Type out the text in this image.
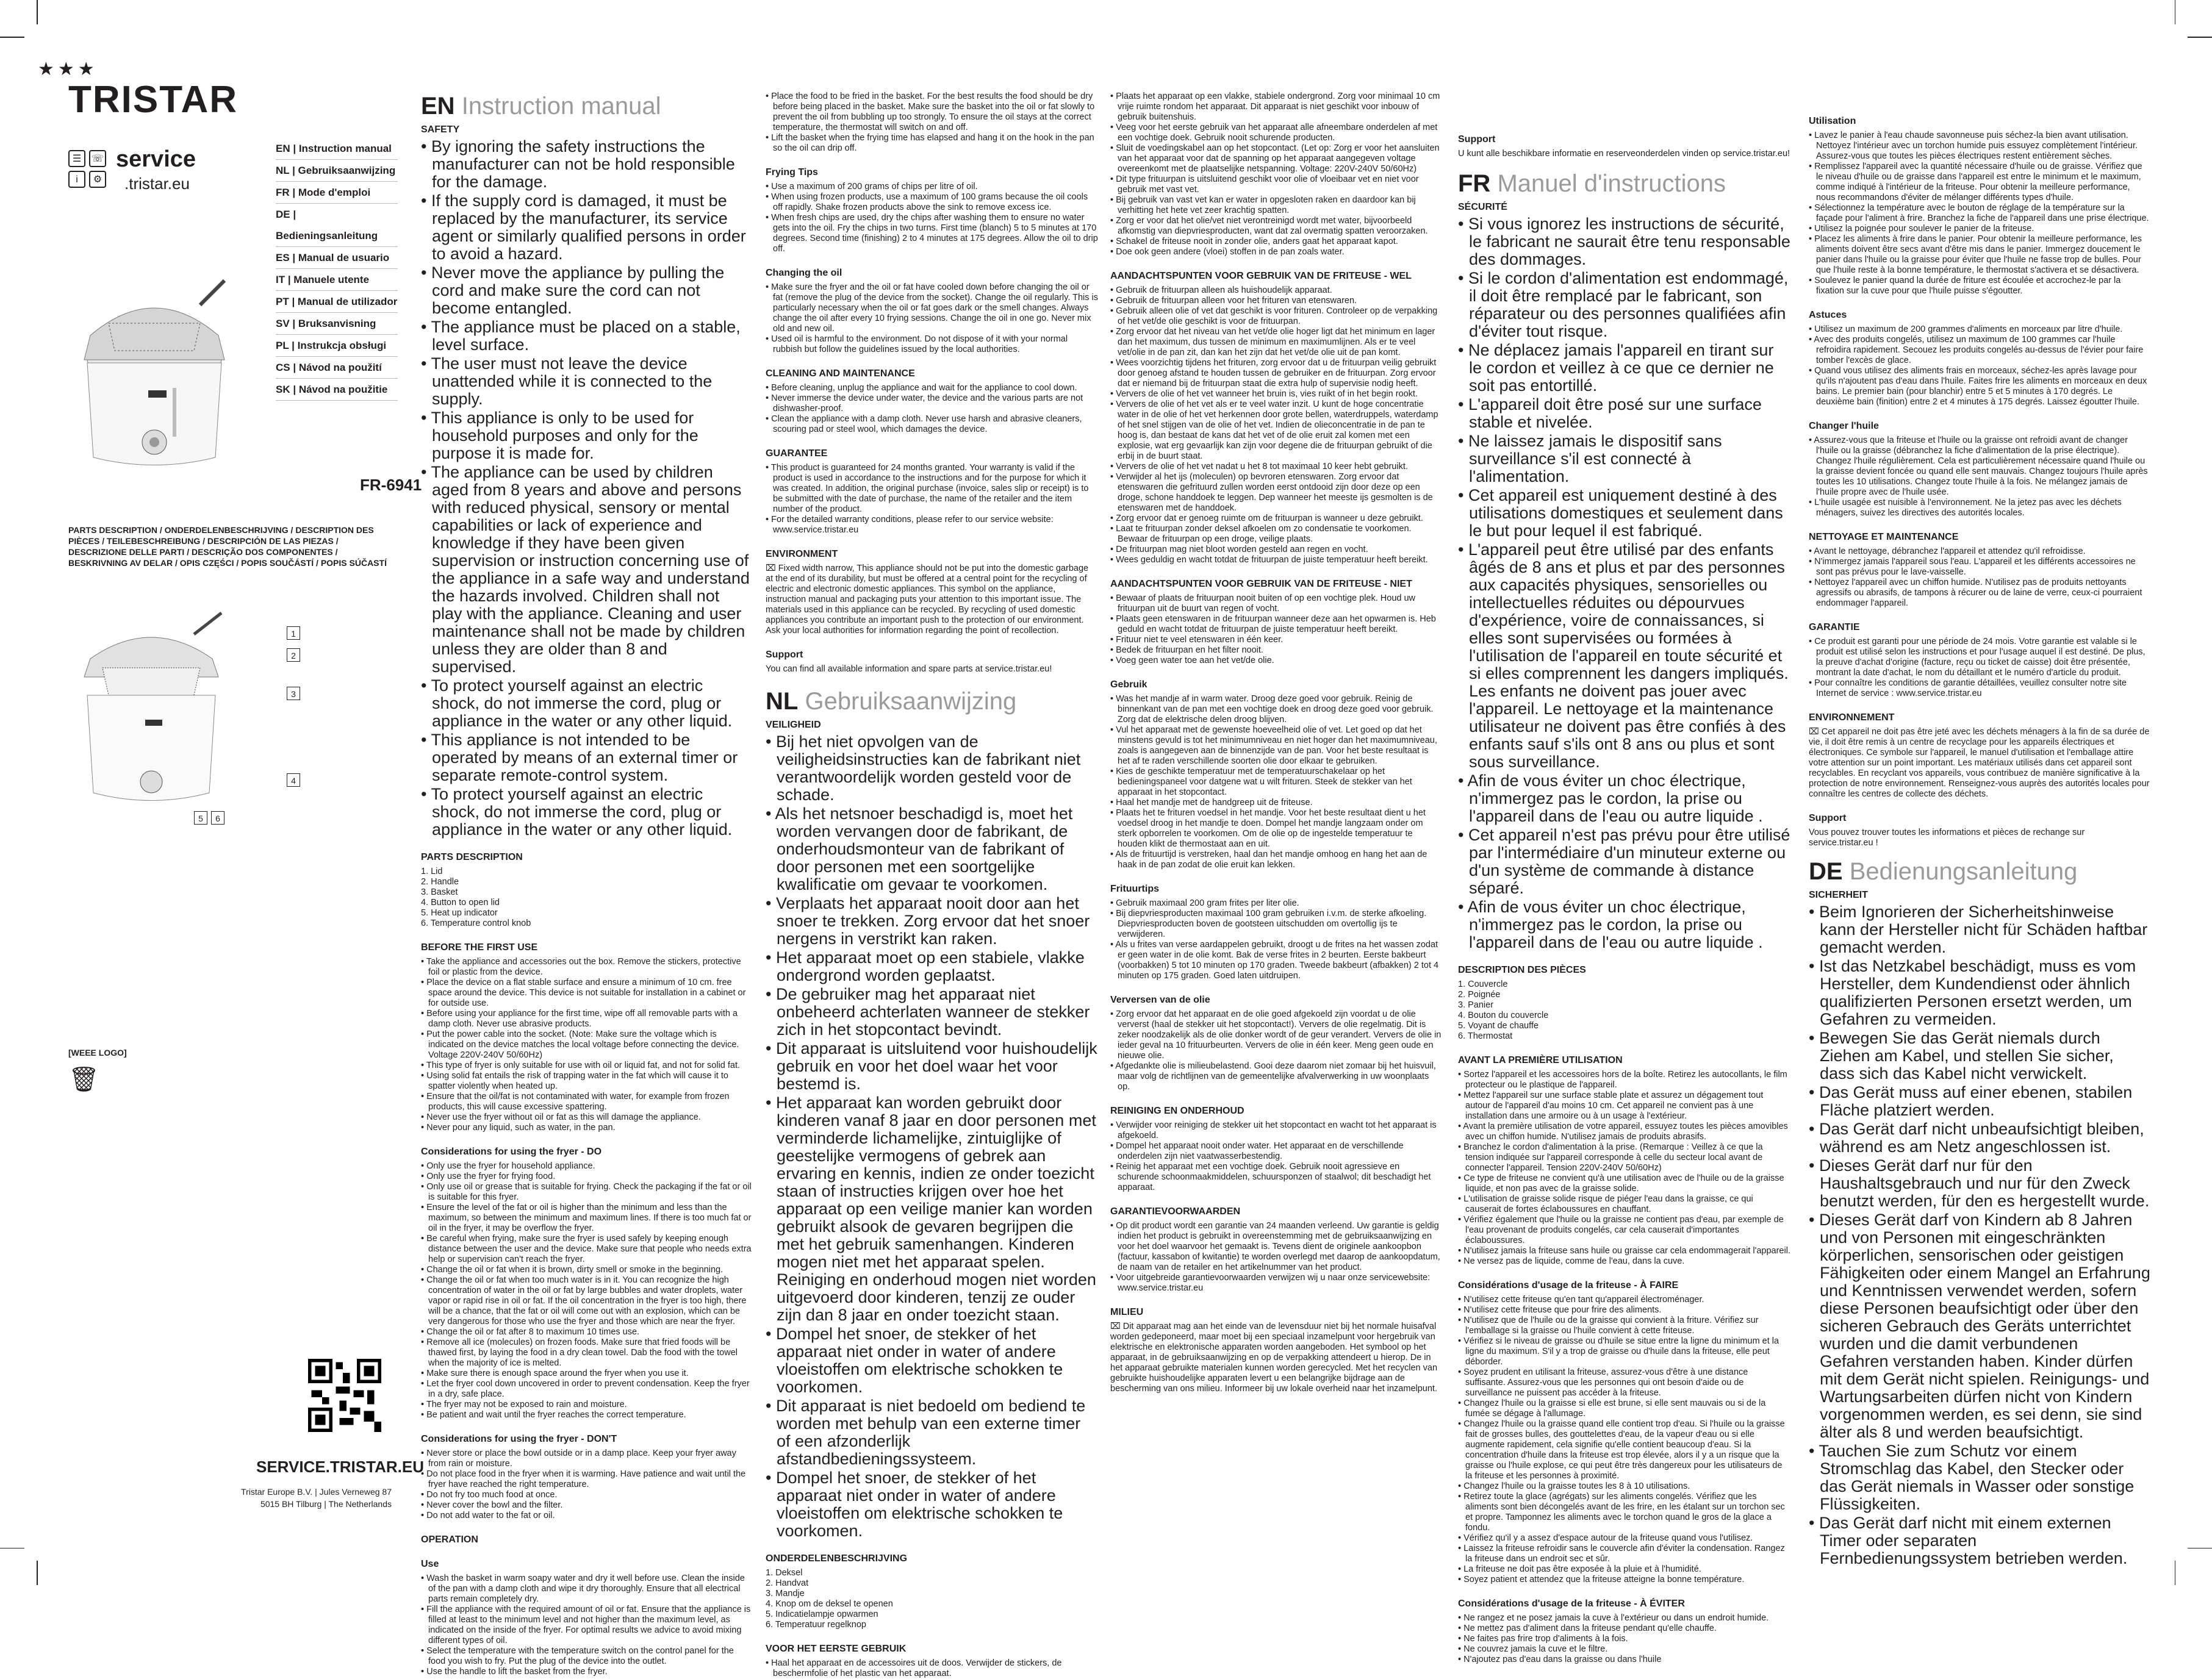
★★★
TRISTAR
☰	☏
i	⚙
service
.tristar.eu
EN | Instruction manual
NL | Gebruiksaanwijzing
FR | Mode d'emploi
DE | Bedieningsanleitung
ES | Manual de usuario
IT | Manuele utente
PT | Manual de utilizador
SV | Bruksanvisning
PL | Instrukcja obsługi
CS | Návod na použití
SK | Návod na použitie
FR-6941
PARTS DESCRIPTION / ONDERDELENBESCHRIJVING / DESCRIPTION DES PIÈCES / TEILEBESCHREIBUNG / DESCRIPCIÓN DE LAS PIEZAS / DESCRIZIONE DELLE PARTI / DESCRIÇÃO DOS COMPONENTES / BESKRIVNING AV DELAR / OPIS CZĘŚCI / POPIS SOUČÁSTÍ / POPIS SÚČASTÍ
1
2
3
4
5	6
[WEEE LOGO]
🗑
SERVICE.TRISTAR.EU
Tristar Europe B.V. | Jules Verneweg 87 5015 BH Tilburg | The Netherlands
EN Instruction manual
SAFETY
• By ignoring the safety instructions the manufacturer can not be hold responsible for the damage.
• If the supply cord is damaged, it must be replaced by the manufacturer, its service agent or similarly qualified persons in order to avoid a hazard.
• Never move the appliance by pulling the cord and make sure the cord can not become entangled.
• The appliance must be placed on a stable, level surface.
• The user must not leave the device unattended while it is connected to the supply.
• This appliance is only to be used for household purposes and only for the purpose it is made for.
• The appliance can be used by children aged from 8 years and above and persons with reduced physical, sensory or mental capabilities or lack of experience and knowledge if they have been given supervision or instruction concerning use of the appliance in a safe way and understand the hazards involved. Children shall not play with the appliance. Cleaning and user maintenance shall not be made by children unless they are older than 8 and supervised.
• To protect yourself against an electric shock, do not immerse the cord, plug or appliance in the water or any other liquid.
• This appliance is not intended to be operated by means of an external timer or separate remote-control system.
• To protect yourself against an electric shock, do not immerse the cord, plug or appliance in the water or any other liquid.
PARTS DESCRIPTION
1. Lid
2. Handle
3. Basket
4. Button to open lid
5. Heat up indicator
6. Temperature control knob
BEFORE THE FIRST USE
• Take the appliance and accessories out the box. Remove the stickers, protective foil or plastic from the device.
• Place the device on a flat stable surface and ensure a minimum of 10 cm. free space around the device. This device is not suitable for installation in a cabinet or for outside use.
• Before using your appliance for the first time, wipe off all removable parts with a damp cloth. Never use abrasive products.
• Put the power cable into the socket. (Note: Make sure the voltage which is indicated on the device matches the local voltage before connecting the device. Voltage 220V-240V 50/60Hz)
• This type of fryer is only suitable for use with oil or liquid fat, and not for solid fat.
• Using solid fat entails the risk of trapping water in the fat which will cause it to spatter violently when heated up.
• Ensure that the oil/fat is not contaminated with water, for example from frozen products, this will cause excessive spattering.
• Never use the fryer without oil or fat as this will damage the appliance.
• Never pour any liquid, such as water, in the pan.
Considerations for using the fryer - DO
• Only use the fryer for household appliance.
• Only use the fryer for frying food.
• Only use oil or grease that is suitable for frying. Check the packaging if the fat or oil is suitable for this fryer.
• Ensure the level of the fat or oil is higher than the minimum and less than the maximum, so between the minimum and maximum lines. If there is too much fat or oil in the fryer, it may be overflow the fryer.
• Be careful when frying, make sure the fryer is used safely by keeping enough distance between the user and the device. Make sure that people who needs extra help or supervision can't reach the fryer.
• Change the oil or fat when it is brown, dirty smell or smoke in the beginning.
• Change the oil or fat when too much water is in it. You can recognize the high concentration of water in the oil or fat by large bubbles and water droplets, water vapor or rapid rise in oil or fat. If the oil concentration in the fryer is too high, there will be a chance, that the fat or oil will come out with an explosion, which can be very dangerous for those who use the fryer and those which are near the fryer.
• Change the oil or fat after 8 to maximum 10 times use.
• Remove all ice (molecules) on frozen foods. Make sure that fried foods will be thawed first, by laying the food in a dry clean towel. Dab the food with the towel when the majority of ice is melted.
• Make sure there is enough space around the fryer when you use it.
• Let the fryer cool down uncovered in order to prevent condensation. Keep the fryer in a dry, safe place.
• The fryer may not be exposed to rain and moisture.
• Be patient and wait until the fryer reaches the correct temperature.
Considerations for using the fryer - DON'T
• Never store or place the bowl outside or in a damp place. Keep your fryer away from rain or moisture.
• Do not place food in the fryer when it is warming. Have patience and wait until the fryer have reached the right temperature.
• Do not fry too much food at once.
• Never cover the bowl and the filter.
• Do not add water to the fat or oil.
OPERATION
Use
• Wash the basket in warm soapy water and dry it well before use. Clean the inside of the pan with a damp cloth and wipe it dry thoroughly. Ensure that all electrical parts remain completely dry.
• Fill the appliance with the required amount of oil or fat. Ensure that the appliance is filled at least to the minimum level and not higher than the maximum level, as indicated on the inside of the fryer. For optimal results we advice to avoid mixing different types of oil.
• Select the temperature with the temperature switch on the control panel for the food you wish to fry. Put the plug of the device into the outlet.
• Use the handle to lift the basket from the fryer.
• Place the food to be fried in the basket. For the best results the food should be dry before being placed in the basket. Make sure the basket into the oil or fat slowly to prevent the oil from bubbling up too strongly. To ensure the oil stays at the correct temperature, the thermostat will switch on and off.
• Lift the basket when the frying time has elapsed and hang it on the hook in the pan so the oil can drip off.
Frying Tips
• Use a maximum of 200 grams of chips per litre of oil.
• When using frozen products, use a maximum of 100 grams because the oil cools off rapidly. Shake frozen products above the sink to remove excess ice.
• When fresh chips are used, dry the chips after washing them to ensure no water gets into the oil. Fry the chips in two turns. First time (blanch) 5 to 5 minutes at 170 degrees. Second time (finishing) 2 to 4 minutes at 175 degrees. Allow the oil to drip off.
Changing the oil
• Make sure the fryer and the oil or fat have cooled down before changing the oil or fat (remove the plug of the device from the socket). Change the oil regularly. This is particularly necessary when the oil or fat goes dark or the smell changes. Always change the oil after every 10 frying sessions. Change the oil in one go. Never mix old and new oil.
• Used oil is harmful to the environment. Do not dispose of it with your normal rubbish but follow the guidelines issued by the local authorities.
CLEANING AND MAINTENANCE
• Before cleaning, unplug the appliance and wait for the appliance to cool down.
• Never immerse the device under water, the device and the various parts are not dishwasher-proof.
• Clean the appliance with a damp cloth. Never use harsh and abrasive cleaners, scouring pad or steel wool, which damages the device.
GUARANTEE
• This product is guaranteed for 24 months granted. Your warranty is valid if the product is used in accordance to the instructions and for the purpose for which it was created. In addition, the original purchase (invoice, sales slip or receipt) is to be submitted with the date of purchase, the name of the retailer and the item number of the product.
• For the detailed warranty conditions, please refer to our service website: www.service.tristar.eu
ENVIRONMENT

⌧ Fixed width narrow, This appliance should not be put into the domestic garbage at the end of its durability, but must be offered at a central point for the recycling of electric and electronic domestic appliances. This symbol on the appliance, instruction manual and packaging puts your attention to this important issue. The materials used in this appliance can be recycled. By recycling of used domestic appliances you contribute an important push to the protection of our environment. Ask your local authorities for information regarding the point of recollection.

Support

You can find all available information and spare parts at service.tristar.eu!

NL Gebruiksaanwijzing
VEILIGHEID
• Bij het niet opvolgen van de veiligheidsinstructies kan de fabrikant niet verantwoordelijk worden gesteld voor de schade.
• Als het netsnoer beschadigd is, moet het worden vervangen door de fabrikant, de onderhoudsmonteur van de fabrikant of door personen met een soortgelijke kwalificatie om gevaar te voorkomen.
• Verplaats het apparaat nooit door aan het snoer te trekken. Zorg ervoor dat het snoer nergens in verstrikt kan raken.
• Het apparaat moet op een stabiele, vlakke ondergrond worden geplaatst.
• De gebruiker mag het apparaat niet onbeheerd achterlaten wanneer de stekker zich in het stopcontact bevindt.
• Dit apparaat is uitsluitend voor huishoudelijk gebruik en voor het doel waar het voor bestemd is.
• Het apparaat kan worden gebruikt door kinderen vanaf 8 jaar en door personen met verminderde lichamelijke, zintuiglijke of geestelijke vermogens of gebrek aan ervaring en kennis, indien ze onder toezicht staan of instructies krijgen over hoe het apparaat op een veilige manier kan worden gebruikt alsook de gevaren begrijpen die met het gebruik samenhangen. Kinderen mogen niet met het apparaat spelen. Reiniging en onderhoud mogen niet worden uitgevoerd door kinderen, tenzij ze ouder zijn dan 8 jaar en onder toezicht staan.
• Dompel het snoer, de stekker of het apparaat niet onder in water of andere vloeistoffen om elektrische schokken te voorkomen.
• Dit apparaat is niet bedoeld om bediend te worden met behulp van een externe timer of een afzonderlijk afstandbedieningssysteem.
• Dompel het snoer, de stekker of het apparaat niet onder in water of andere vloeistoffen om elektrische schokken te voorkomen.
ONDERDELENBESCHRIJVING
1. Deksel
2. Handvat
3. Mandje
4. Knop om de deksel te openen
5. Indicatielampje opwarmen
6. Temperatuur regelknop
VOOR HET EERSTE GEBRUIK
• Haal het apparaat en de accessoires uit de doos. Verwijder de stickers, de beschermfolie of het plastic van het apparaat.
• Plaats het apparaat op een vlakke, stabiele ondergrond. Zorg voor minimaal 10 cm vrije ruimte rondom het apparaat. Dit apparaat is niet geschikt voor inbouw of gebruik buitenshuis.
• Veeg voor het eerste gebruik van het apparaat alle afneembare onderdelen af met een vochtige doek. Gebruik nooit schurende producten.
• Sluit de voedingskabel aan op het stopcontact. (Let op: Zorg er voor het aansluiten van het apparaat voor dat de spanning op het apparaat aangegeven voltage overeenkomt met de plaatselijke netspanning. Voltage: 220V-240V 50/60Hz)
• Dit type frituurpan is uitsluitend geschikt voor olie of vloeibaar vet en niet voor gebruik met vast vet.
• Bij gebruik van vast vet kan er water in opgesloten raken en daardoor kan bij verhitting het hete vet zeer krachtig spatten.
• Zorg er voor dat het olie/vet niet verontreinigd wordt met water, bijvoorbeeld afkomstig van diepvriesproducten, want dat zal overmatig spatten veroorzaken.
• Schakel de friteuse nooit in zonder olie, anders gaat het apparaat kapot.
• Doe ook geen andere (vloei) stoffen in de pan zoals water.
AANDACHTSPUNTEN VOOR GEBRUIK VAN DE FRITEUSE - WEL
• Gebruik de frituurpan alleen als huishoudelijk apparaat.
• Gebruik de frituurpan alleen voor het frituren van etenswaren.
• Gebruik alleen olie of vet dat geschikt is voor frituren. Controleer op de verpakking of het vet/de olie geschikt is voor de frituurpan.
• Zorg ervoor dat het niveau van het vet/de olie hoger ligt dat het minimum en lager dan het maximum, dus tussen de minimum en maximumlijnen. Als er te veel vet/olie in de pan zit, dan kan het zijn dat het vet/de olie uit de pan komt.
• Wees voorzichtig tijdens het frituren, zorg ervoor dat u de frituurpan veilig gebruikt door genoeg afstand te houden tussen de gebruiker en de frituurpan. Zorg ervoor dat er niemand bij de frituurpan staat die extra hulp of supervisie nodig heeft.
• Ververs de olie of het vet wanneer het bruin is, vies ruikt of in het begin rookt.
• Ververs de olie of het vet als er te veel water inzit. U kunt de hoge concentratie water in de olie of het vet herkennen door grote bellen, waterdruppels, waterdamp of het snel stijgen van de olie of het vet. Indien de olieconcentratie in de pan te hoog is, dan bestaat de kans dat het vet of de olie eruit zal komen met een explosie, wat erg gevaarlijk kan zijn voor degene die de frituurpan gebruikt of die erbij in de buurt staat.
• Ververs de olie of het vet nadat u het 8 tot maximaal 10 keer hebt gebruikt.
• Verwijder al het ijs (moleculen) op bevroren etenswaren. Zorg ervoor dat etenswaren die gefrituurd zullen worden eerst ontdooid zijn door deze op een droge, schone handdoek te leggen. Dep wanneer het meeste ijs gesmolten is de etenswaren met de handdoek.
• Zorg ervoor dat er genoeg ruimte om de frituurpan is wanneer u deze gebruikt.
• Laat te frituurpan zonder deksel afkoelen om zo condensatie te voorkomen. Bewaar de frituurpan op een droge, veilige plaats.
• De frituurpan mag niet bloot worden gesteld aan regen en vocht.
• Wees geduldig en wacht totdat de frituurpan de juiste temperatuur heeft bereikt.
AANDACHTSPUNTEN VOOR GEBRUIK VAN DE FRITEUSE - NIET
• Bewaar of plaats de frituurpan nooit buiten of op een vochtige plek. Houd uw frituurpan uit de buurt van regen of vocht.
• Plaats geen etenswaren in de frituurpan wanneer deze aan het opwarmen is. Heb geduld en wacht totdat de frituurpan de juiste temperatuur heeft bereikt.
• Frituur niet te veel etenswaren in één keer.
• Bedek de frituurpan en het filter nooit.
• Voeg geen water toe aan het vet/de olie.
Gebruik
• Was het mandje af in warm water. Droog deze goed voor gebruik. Reinig de binnenkant van de pan met een vochtige doek en droog deze goed voor gebruik. Zorg dat de elektrische delen droog blijven.
• Vul het apparaat met de gewenste hoeveelheid olie of vet. Let goed op dat het minstens gevuld is tot het minimumniveau en niet hoger dan het maximumniveau, zoals is aangegeven aan de binnenzijde van de pan. Voor het beste resultaat is het af te raden verschillende soorten olie door elkaar te gebruiken.
• Kies de geschikte temperatuur met de temperatuurschakelaar op het bedieningspaneel voor datgene wat u wilt frituren. Steek de stekker van het apparaat in het stopcontact.
• Haal het mandje met de handgreep uit de friteuse.
• Plaats het te frituren voedsel in het mandje. Voor het beste resultaat dient u het voedsel droog in het mandje te doen. Dompel het mandje langzaam onder om sterk opborrelen te voorkomen. Om de olie op de ingestelde temperatuur te houden klikt de thermostaat aan en uit.
• Als de frituurtijd is verstreken, haal dan het mandje omhoog en hang het aan de haak in de pan zodat de olie eruit kan lekken.
Frituurtips
• Gebruik maximaal 200 gram frites per liter olie.
• Bij diepvriesproducten maximaal 100 gram gebruiken i.v.m. de sterke afkoeling. Diepvriesproducten boven de gootsteen uitschudden om overtollig ijs te verwijderen.
• Als u frites van verse aardappelen gebruikt, droogt u de frites na het wassen zodat er geen water in de olie komt. Bak de verse frites in 2 beurten. Eerste bakbeurt (voorbakken) 5 tot 10 minuten op 170 graden. Tweede bakbeurt (afbakken) 2 tot 4 minuten op 175 graden. Goed laten uitdruipen.
Verversen van de olie
• Zorg ervoor dat het apparaat en de olie goed afgekoeld zijn voordat u de olie ververst (haal de stekker uit het stopcontact!). Ververs de olie regelmatig. Dit is zeker noodzakelijk als de olie donker wordt of de geur verandert. Ververs de olie in ieder geval na 10 frituurbeurten. Ververs de olie in één keer. Meng geen oude en nieuwe olie.
• Afgedankte olie is milieubelastend. Gooi deze daarom niet zomaar bij het huisvuil, maar volg de richtlijnen van de gemeentelijke afvalverwerking in uw woonplaats op.
REINIGING EN ONDERHOUD
• Verwijder voor reiniging de stekker uit het stopcontact en wacht tot het apparaat is afgekoeld.
• Dompel het apparaat nooit onder water. Het apparaat en de verschillende onderdelen zijn niet vaatwasserbestendig.
• Reinig het apparaat met een vochtige doek. Gebruik nooit agressieve en schurende schoonmaakmiddelen, schuursponzen of staalwol; dit beschadigt het apparaat.
GARANTIEVOORWAARDEN
• Op dit product wordt een garantie van 24 maanden verleend. Uw garantie is geldig indien het product is gebruikt in overeenstemming met de gebruiksaanwijzing en voor het doel waarvoor het gemaakt is. Tevens dient de originele aankoopbon (factuur, kassabon of kwitantie) te worden overlegd met daarop de aankoopdatum, de naam van de retailer en het artikelnummer van het product.
• Voor uitgebreide garantievoorwaarden verwijzen wij u naar onze servicewebsite: www.service.tristar.eu
MILIEU

⌧ Dit apparaat mag aan het einde van de levensduur niet bij het normale huisafval worden gedeponeerd, maar moet bij een speciaal inzamelpunt voor hergebruik van elektrische en elektronische apparaten worden aangeboden. Het symbool op het apparaat, in de gebruiksaanwijzing en op de verpakking attendeert u hierop. De in het apparaat gebruikte materialen kunnen worden gerecycled. Met het recyclen van gebruikte huishoudelijke apparaten levert u een belangrijke bijdrage aan de bescherming van ons milieu. Informeer bij uw lokale overheid naar het inzamelpunt.

Support

U kunt alle beschikbare informatie en reserveonderdelen vinden op service.tristar.eu!

FR Manuel d'instructions
SÉCURITÉ
• Si vous ignorez les instructions de sécurité, le fabricant ne saurait être tenu responsable des dommages.
• Si le cordon d'alimentation est endommagé, il doit être remplacé par le fabricant, son réparateur ou des personnes qualifiées afin d'éviter tout risque.
• Ne déplacez jamais l'appareil en tirant sur le cordon et veillez à ce que ce dernier ne soit pas entortillé.
• L'appareil doit être posé sur une surface stable et nivelée.
• Ne laissez jamais le dispositif sans surveillance s'il est connecté à l'alimentation.
• Cet appareil est uniquement destiné à des utilisations domestiques et seulement dans le but pour lequel il est fabriqué.
• L'appareil peut être utilisé par des enfants âgés de 8 ans et plus et par des personnes aux capacités physiques, sensorielles ou intellectuelles réduites ou dépourvues d'expérience, voire de connaissances, si elles sont supervisées ou formées à l'utilisation de l'appareil en toute sécurité et si elles comprennent les dangers impliqués. Les enfants ne doivent pas jouer avec l'appareil. Le nettoyage et la maintenance utilisateur ne doivent pas être confiés à des enfants sauf s'ils ont 8 ans ou plus et sont sous surveillance.
• Afin de vous éviter un choc électrique, n'immergez pas le cordon, la prise ou l'appareil dans de l'eau ou autre liquide .
• Cet appareil n'est pas prévu pour être utilisé par l'intermédiaire d'un minuteur externe ou d'un système de commande à distance séparé.
• Afin de vous éviter un choc électrique, n'immergez pas le cordon, la prise ou l'appareil dans de l'eau ou autre liquide .
DESCRIPTION DES PIÈCES
1. Couvercle
2. Poignée
3. Panier
4. Bouton du couvercle
5. Voyant de chauffe
6. Thermostat
AVANT LA PREMIÈRE UTILISATION
• Sortez l'appareil et les accessoires hors de la boîte. Retirez les autocollants, le film protecteur ou le plastique de l'appareil.
• Mettez l'appareil sur une surface stable plate et assurez un dégagement tout autour de l'appareil d'au moins 10 cm. Cet appareil ne convient pas à une installation dans une armoire ou à un usage à l'extérieur.
• Avant la première utilisation de votre appareil, essuyez toutes les pièces amovibles avec un chiffon humide. N'utilisez jamais de produits abrasifs.
• Branchez le cordon d'alimentation à la prise. (Remarque : Veillez à ce que la tension indiquée sur l'appareil corresponde à celle du secteur local avant de connecter l'appareil. Tension 220V-240V 50/60Hz)
• Ce type de friteuse ne convient qu'à une utilisation avec de l'huile ou de la graisse liquide, et non pas avec de la graisse solide.
• L'utilisation de graisse solide risque de piéger l'eau dans la graisse, ce qui causerait de fortes éclaboussures en chauffant.
• Vérifiez également que l'huile ou la graisse ne contient pas d'eau, par exemple de l'eau provenant de produits congelés, car cela causerait d'importantes éclaboussures.
• N'utilisez jamais la friteuse sans huile ou graisse car cela endommagerait l'appareil.
• Ne versez pas de liquide, comme de l'eau, dans la cuve.
Considérations d'usage de la friteuse - À FAIRE
• N'utilisez cette friteuse qu'en tant qu'appareil électroménager.
• N'utilisez cette friteuse que pour frire des aliments.
• N'utilisez que de l'huile ou de la graisse qui convient à la friture. Vérifiez sur l'emballage si la graisse ou l'huile convient à cette friteuse.
• Vérifiez si le niveau de graisse ou d'huile se situe entre la ligne du minimum et la ligne du maximum. S'il y a trop de graisse ou d'huile dans la friteuse, elle peut déborder.
• Soyez prudent en utilisant la friteuse, assurez-vous d'être à une distance suffisante. Assurez-vous que les personnes qui ont besoin d'aide ou de surveillance ne puissent pas accéder à la friteuse.
• Changez l'huile ou la graisse si elle est brune, si elle sent mauvais ou si de la fumée se dégage à l'allumage.
• Changez l'huile ou la graisse quand elle contient trop d'eau. Si l'huile ou la graisse fait de grosses bulles, des gouttelettes d'eau, de la vapeur d'eau ou si elle augmente rapidement, cela signifie qu'elle contient beaucoup d'eau. Si la concentration d'huile dans la friteuse est trop élevée, alors il y a un risque que la graisse ou l'huile explose, ce qui peut être très dangereux pour les utilisateurs de la friteuse et les personnes à proximité.
• Changez l'huile ou la graisse toutes les 8 à 10 utilisations.
• Retirez toute la glace (agrégats) sur les aliments congelés. Vérifiez que les aliments sont bien décongelés avant de les frire, en les étalant sur un torchon sec et propre. Tamponnez les aliments avec le torchon quand le gros de la glace a fondu.
• Vérifiez qu'il y a assez d'espace autour de la friteuse quand vous l'utilisez.
• Laissez la friteuse refroidir sans le couvercle afin d'éviter la condensation. Rangez la friteuse dans un endroit sec et sûr.
• La friteuse ne doit pas être exposée à la pluie et à l'humidité.
• Soyez patient et attendez que la friteuse atteigne la bonne température.
Considérations d'usage de la friteuse - À ÉVITER
• Ne rangez et ne posez jamais la cuve à l'extérieur ou dans un endroit humide.
• Ne mettez pas d'aliment dans la friteuse pendant qu'elle chauffe.
• Ne faites pas frire trop d'aliments à la fois.
• Ne couvrez jamais la cuve et le filtre.
• N'ajoutez pas d'eau dans la graisse ou dans l'huile
Utilisation
• Lavez le panier à l'eau chaude savonneuse puis séchez-la bien avant utilisation. Nettoyez l'intérieur avec un torchon humide puis essuyez complètement l'intérieur. Assurez-vous que toutes les pièces électriques restent entièrement sèches.
• Remplissez l'appareil avec la quantité nécessaire d'huile ou de graisse. Vérifiez que le niveau d'huile ou de graisse dans l'appareil est entre le minimum et le maximum, comme indiqué à l'intérieur de la friteuse. Pour obtenir la meilleure performance, nous recommandons d'éviter de mélanger différents types d'huile.
• Sélectionnez la température avec le bouton de réglage de la température sur la façade pour l'aliment à frire. Branchez la fiche de l'appareil dans une prise électrique.
• Utilisez la poignée pour soulever le panier de la friteuse.
• Placez les aliments à frire dans le panier. Pour obtenir la meilleure performance, les aliments doivent être secs avant d'être mis dans le panier. Immergez doucement le panier dans l'huile ou la graisse pour éviter que l'huile ne fasse trop de bulles. Pour que l'huile reste à la bonne température, le thermostat s'activera et se désactivera.
• Soulevez le panier quand la durée de friture est écoulée et accrochez-le par la fixation sur la cuve pour que l'huile puisse s'égoutter.
Astuces
• Utilisez un maximum de 200 grammes d'aliments en morceaux par litre d'huile.
• Avec des produits congelés, utilisez un maximum de 100 grammes car l'huile refroidira rapidement. Secouez les produits congelés au-dessus de l'évier pour faire tomber l'excès de glace.
• Quand vous utilisez des aliments frais en morceaux, séchez-les après lavage pour qu'ils n'ajoutent pas d'eau dans l'huile. Faites frire les aliments en morceaux en deux bains. Le premier bain (pour blanchir) entre 5 et 5 minutes à 170 degrés. Le deuxième bain (finition) entre 2 et 4 minutes à 175 degrés. Laissez égoutter l'huile.
Changer l'huile
• Assurez-vous que la friteuse et l'huile ou la graisse ont refroidi avant de changer l'huile ou la graisse (débranchez la fiche d'alimentation de la prise électrique). Changez l'huile régulièrement. Cela est particulièrement nécessaire quand l'huile ou la graisse devient foncée ou quand elle sent mauvais. Changez toujours l'huile après toutes les 10 utilisations. Changez toute l'huile à la fois. Ne mélangez jamais de l'huile propre avec de l'huile usée.
• L'huile usagée est nuisible à l'environnement. Ne la jetez pas avec les déchets ménagers, suivez les directives des autorités locales.
NETTOYAGE ET MAINTENANCE
• Avant le nettoyage, débranchez l'appareil et attendez qu'il refroidisse.
• N'immergez jamais l'appareil sous l'eau. L'appareil et les différents accessoires ne sont pas prévus pour le lave-vaisselle.
• Nettoyez l'appareil avec un chiffon humide. N'utilisez pas de produits nettoyants agressifs ou abrasifs, de tampons à récurer ou de laine de verre, ceux-ci pourraient endommager l'appareil.
GARANTIE
• Ce produit est garanti pour une période de 24 mois. Votre garantie est valable si le produit est utilisé selon les instructions et pour l'usage auquel il est destiné. De plus, la preuve d'achat d'origine (facture, reçu ou ticket de caisse) doit être présentée, montrant la date d'achat, le nom du détaillant et le numéro d'article du produit.
• Pour connaître les conditions de garantie détaillées, veuillez consulter notre site Internet de service : www.service.tristar.eu
ENVIRONNEMENT

⌧ Cet appareil ne doit pas être jeté avec les déchets ménagers à la fin de sa durée de vie, il doit être remis à un centre de recyclage pour les appareils électriques et électroniques. Ce symbole sur l'appareil, le manuel d'utilisation et l'emballage attire votre attention sur un point important. Les matériaux utilisés dans cet appareil sont recyclables. En recyclant vos appareils, vous contribuez de manière significative à la protection de notre environnement. Renseignez-vous auprès des autorités locales pour connaître les centres de collecte des déchets.

Support

Vous pouvez trouver toutes les informations et pièces de rechange sur service.tristar.eu !

DE Bedienungsanleitung
SICHERHEIT
• Beim Ignorieren der Sicherheitshinweise kann der Hersteller nicht für Schäden haftbar gemacht werden.
• Ist das Netzkabel beschädigt, muss es vom Hersteller, dem Kundendienst oder ähnlich qualifizierten Personen ersetzt werden, um Gefahren zu vermeiden.
• Bewegen Sie das Gerät niemals durch Ziehen am Kabel, und stellen Sie sicher, dass sich das Kabel nicht verwickelt.
• Das Gerät muss auf einer ebenen, stabilen Fläche platziert werden.
• Das Gerät darf nicht unbeaufsichtigt bleiben, während es am Netz angeschlossen ist.
• Dieses Gerät darf nur für den Haushaltsgebrauch und nur für den Zweck benutzt werden, für den es hergestellt wurde.
• Dieses Gerät darf von Kindern ab 8 Jahren und von Personen mit eingeschränkten körperlichen, sensorischen oder geistigen Fähigkeiten oder einem Mangel an Erfahrung und Kenntnissen verwendet werden, sofern diese Personen beaufsichtigt oder über den sicheren Gebrauch des Geräts unterrichtet wurden und die damit verbundenen Gefahren verstanden haben. Kinder dürfen mit dem Gerät nicht spielen. Reinigungs- und Wartungsarbeiten dürfen nicht von Kindern vorgenommen werden, es sei denn, sie sind älter als 8 und werden beaufsichtigt.
• Tauchen Sie zum Schutz vor einem Stromschlag das Kabel, den Stecker oder das Gerät niemals in Wasser oder sonstige Flüssigkeiten.
• Das Gerät darf nicht mit einem externen Timer oder separaten Fernbedienungssystem betrieben werden.
